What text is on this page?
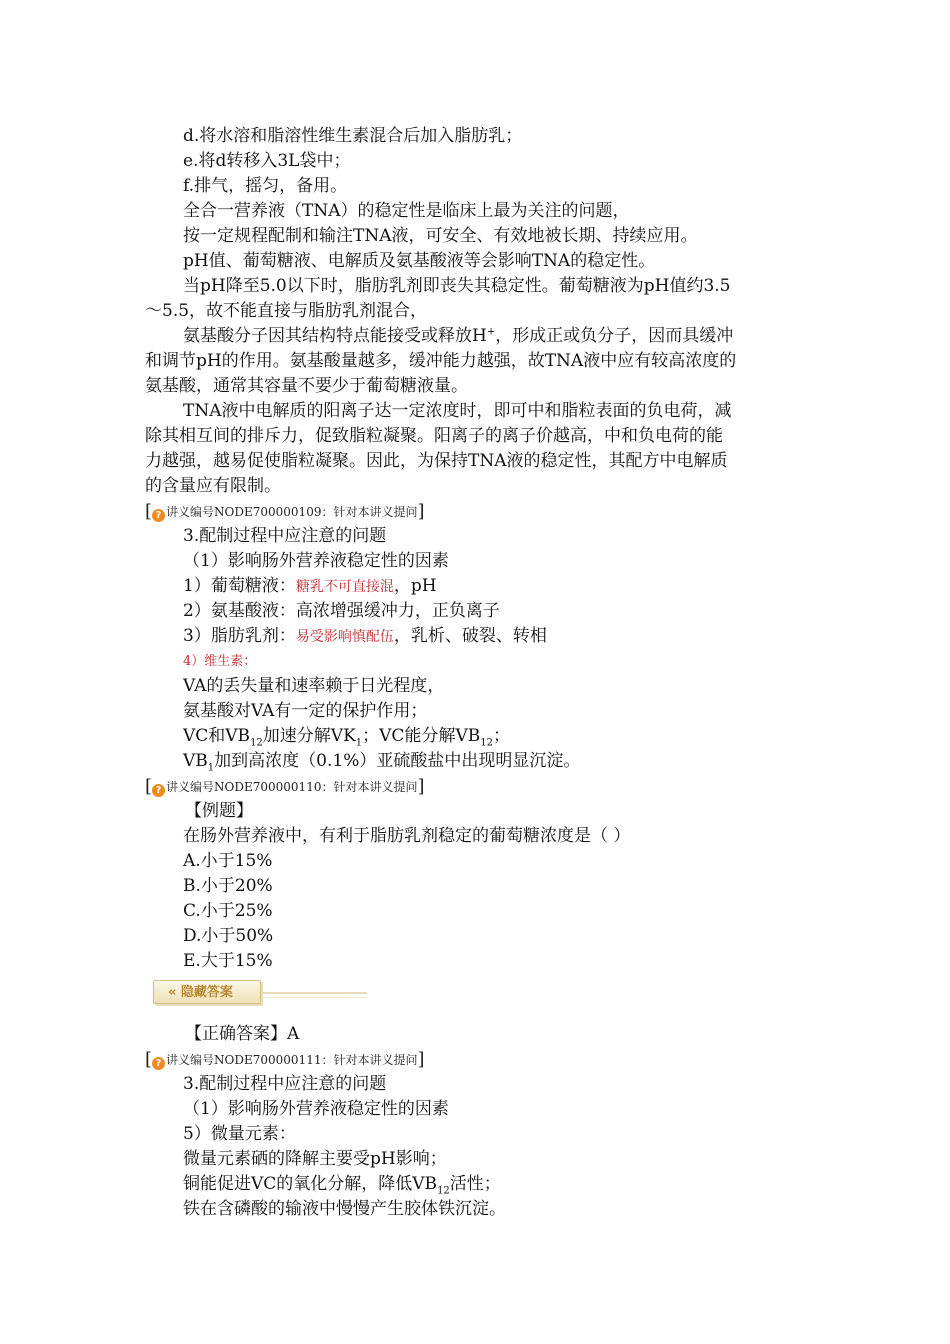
d.将水溶和脂溶性维生素混合后加入脂肪乳；
e.将d转移入3L袋中；
f.排气，摇匀，备用。
全合一营养液（TNA）的稳定性是临床上最为关注的问题，
按一定规程配制和输注TNA液，可安全、有效地被长期、持续应用。
pH值、葡萄糖液、电解质及氨基酸液等会影响TNA的稳定性。
当pH降至5.0以下时，脂肪乳剂即丧失其稳定性。葡萄糖液为pH值约3.5
～5.5，故不能直接与脂肪乳剂混合，
氨基酸分子因其结构特点能接受或释放H+，形成正或负分子，因而具缓冲
和调节pH的作用。氨基酸量越多，缓冲能力越强，故TNA液中应有较高浓度的
氨基酸，通常其容量不要少于葡萄糖液量。
TNA液中电解质的阳离子达一定浓度时，即可中和脂粒表面的负电荷，减
除其相互间的排斥力，促致脂粒凝聚。阳离子的离子价越高，中和负电荷的能
力越强，越易促使脂粒凝聚。因此，为保持TNA液的稳定性，其配方中电解质
的含量应有限制。
[ ? 讲义编号NODE700000109：针对本讲义提问]
3.配制过程中应注意的问题
（1）影响肠外营养液稳定性的因素
1）葡萄糖液：糖乳不可直接混，pH
2）氨基酸液：高浓增强缓冲力，正负离子
3）脂肪乳剂：易受影响慎配伍，乳析、破裂、转相
4）维生素：
VA的丢失量和速率赖于日光程度，
氨基酸对VA有一定的保护作用；
VC和$VB_{12}$加速分解$VK_1$；VC能分解$VB_{12}$；
$VB_1$加到高浓度（0.1%）亚硫酸盐中出现明显沉淀。
[ ? 讲义编号NODE700000110：针对本讲义提问]
【例题】
在肠外营养液中，有利于脂肪乳剂稳定的葡萄糖浓度是（ ）
A.小于15%
B.小于20%
C.小于25%
D.小于50%
E.大于15%
« 隐藏答案
【正确答案】A
[ ? 讲义编号NODE700000111：针对本讲义提问]
3.配制过程中应注意的问题
（1）影响肠外营养液稳定性的因素
5）微量元素：
微量元素硒的降解主要受pH影响；
铜能促进VC的氧化分解，降低$VB_{12}$活性；
铁在含磷酸的输液中慢慢产生胶体铁沉淀。
